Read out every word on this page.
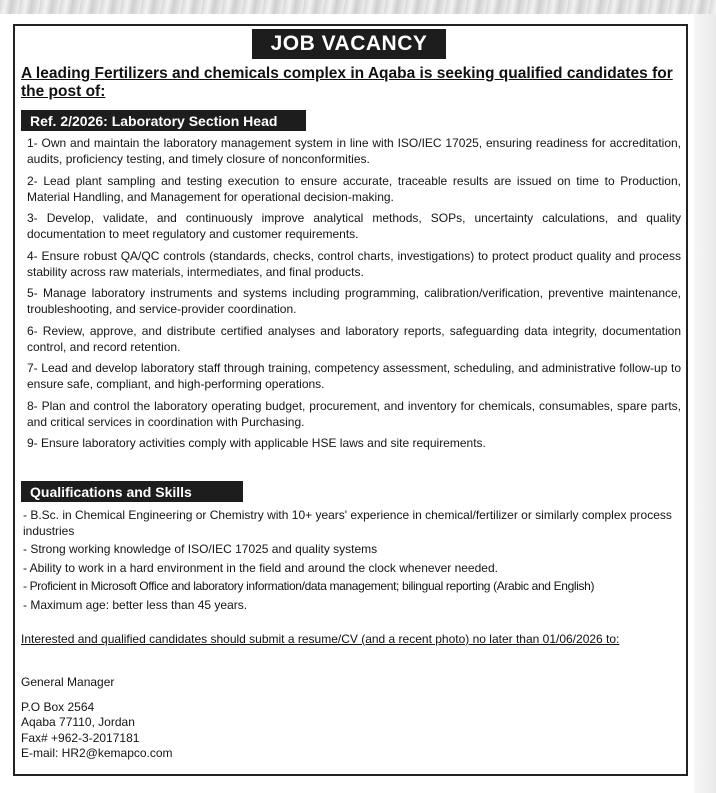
JOB VACANCY
A leading Fertilizers and chemicals complex in Aqaba is seeking qualified candidates for the post of:
Ref. 2/2026: Laboratory Section Head

1- Own and maintain the laboratory management system in line with ISO/IEC 17025, ensuring readiness for accreditation, audits, proficiency testing, and timely closure of nonconformities.

2- Lead plant sampling and testing execution to ensure accurate, traceable results are issued on time to Production, Material Handling, and Management for operational decision-making.

3- Develop, validate, and continuously improve analytical methods, SOPs, uncertainty calculations, and quality documentation to meet regulatory and customer requirements.

4- Ensure robust QA/QC controls (standards, checks, control charts, investigations) to protect product quality and process stability across raw materials, intermediates, and final products.

5- Manage laboratory instruments and systems including programming, calibration/verification, preventive maintenance, troubleshooting, and service-provider coordination.

6- Review, approve, and distribute certified analyses and laboratory reports, safeguarding data integrity, documentation control, and record retention.

7- Lead and develop laboratory staff through training, competency assessment, scheduling, and administrative follow-up to ensure safe, compliant, and high-performing operations.

8- Plan and control the laboratory operating budget, procurement, and inventory for chemicals, consumables, spare parts, and critical services in coordination with Purchasing.

9- Ensure laboratory activities comply with applicable HSE laws and site requirements.

Qualifications and Skills

- B.Sc. in Chemical Engineering or Chemistry with 10+ years' experience in chemical/fertilizer or similarly complex process industries

- Strong working knowledge of ISO/IEC 17025 and quality systems

- Ability to work in a hard environment in the field and around the clock whenever needed.

- Proficient in Microsoft Office and laboratory information/data management; bilingual reporting (Arabic and English)

- Maximum age: better less than 45 years.

Interested and qualified candidates should submit a resume/CV (and a recent photo) no later than 01/06/2026 to:
General Manager
P.O Box 2564
Aqaba 77110, Jordan
Fax# +962-3-2017181
E-mail: HR2@kemapco.com
